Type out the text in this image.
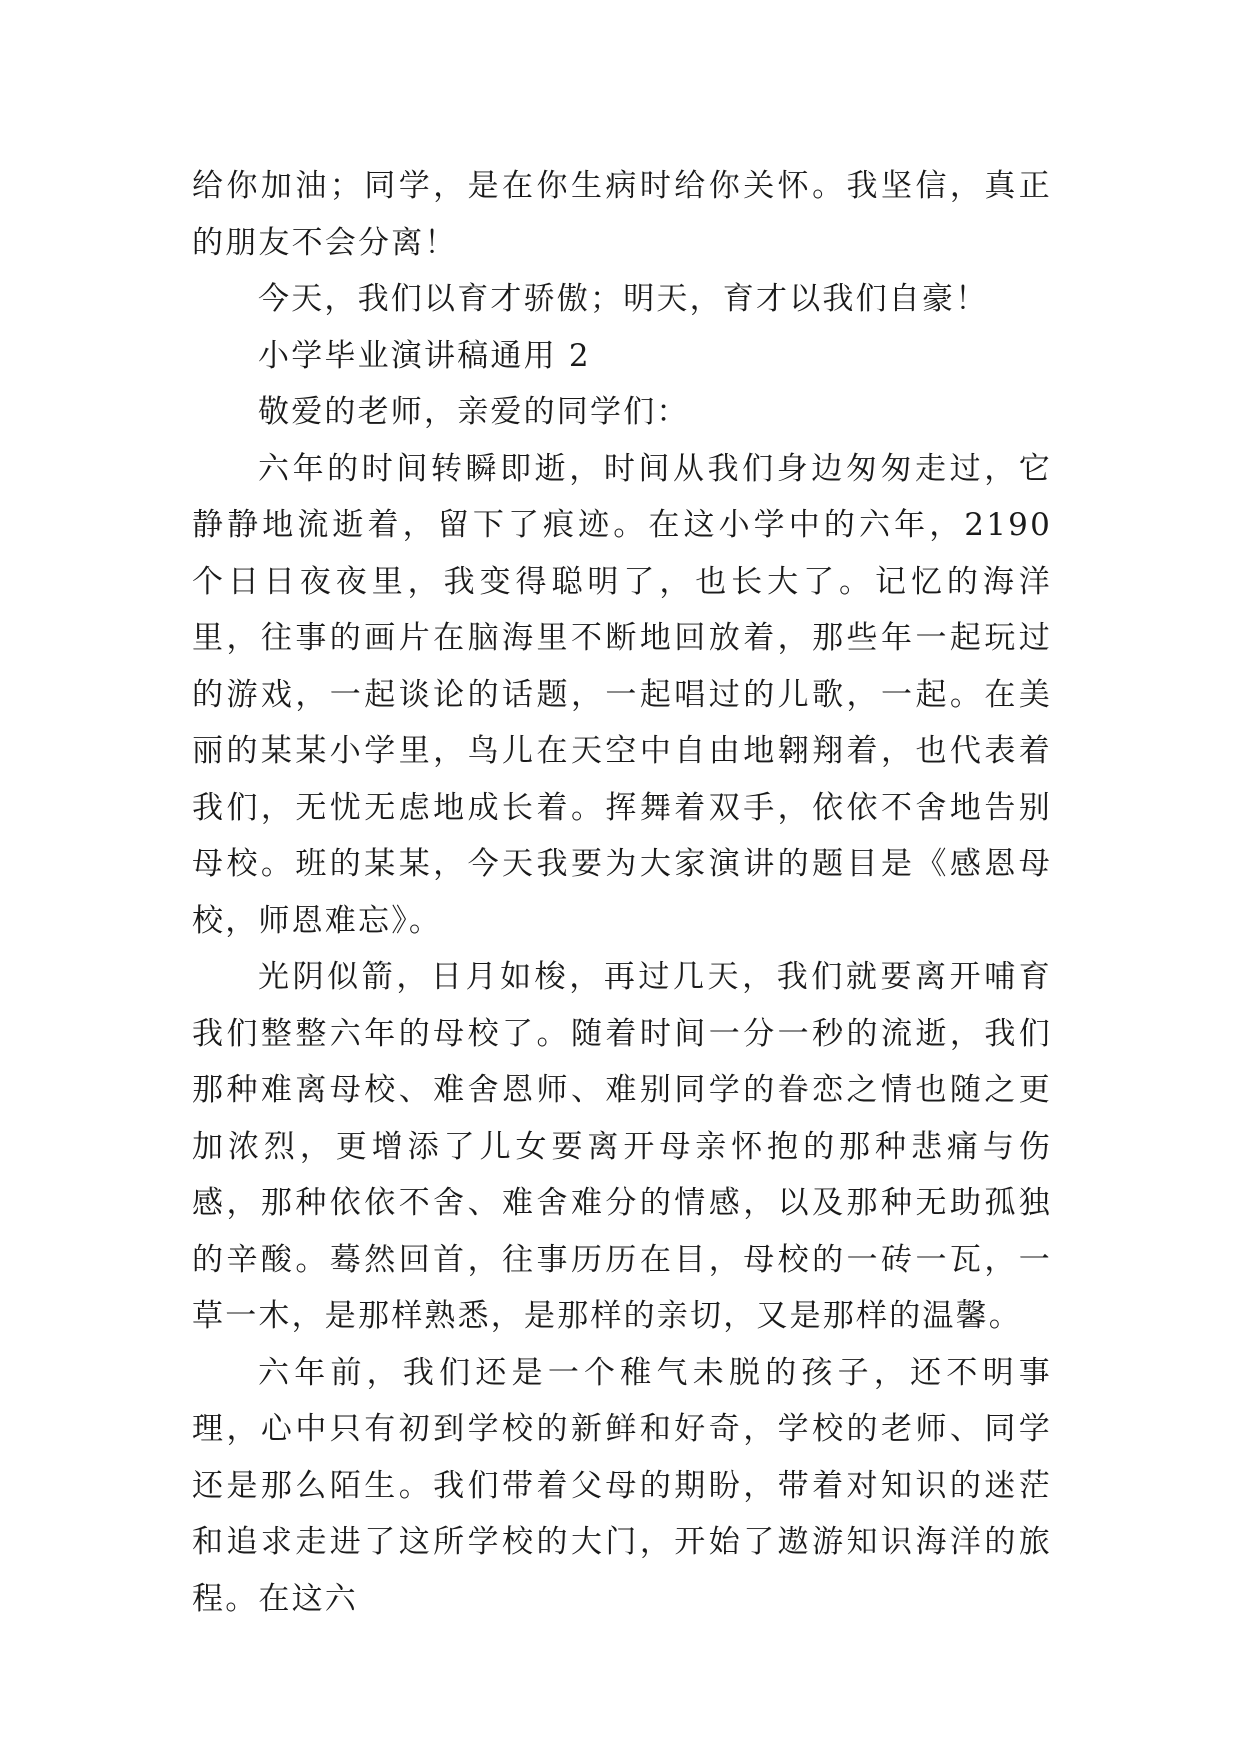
给你加油；同学，是在你生病时给你关怀。我坚信，真正的朋友不会分离！

今天，我们以育才骄傲；明天，育才以我们自豪！

小学毕业演讲稿通用 2

敬爱的老师，亲爱的同学们：

六年的时间转瞬即逝，时间从我们身边匆匆走过，它静静地流逝着，留下了痕迹。在这小学中的六年，2190 个日日夜夜里，我变得聪明了，也长大了。记忆的海洋里，往事的画片在脑海里不断地回放着，那些年一起玩过的游戏，一起谈论的话题，一起唱过的儿歌，一起。在美丽的某某小学里，鸟儿在天空中自由地翱翔着，也代表着我们，无忧无虑地成长着。挥舞着双手，依依不舍地告别母校。班的某某，今天我要为大家演讲的题目是《感恩母校，师恩难忘》。

光阴似箭，日月如梭，再过几天，我们就要离开哺育我们整整六年的母校了。随着时间一分一秒的流逝，我们那种难离母校、难舍恩师、难别同学的眷恋之情也随之更加浓烈，更增添了儿女要离开母亲怀抱的那种悲痛与伤感，那种依依不舍、难舍难分的情感，以及那种无助孤独的辛酸。蓦然回首，往事历历在目，母校的一砖一瓦，一草一木，是那样熟悉，是那样的亲切，又是那样的温馨。

六年前，我们还是一个稚气未脱的孩子，还不明事理，心中只有初到学校的新鲜和好奇，学校的老师、同学还是那么陌生。我们带着父母的期盼，带着对知识的迷茫和追求走进了这所学校的大门，开始了遨游知识海洋的旅程。在这六
